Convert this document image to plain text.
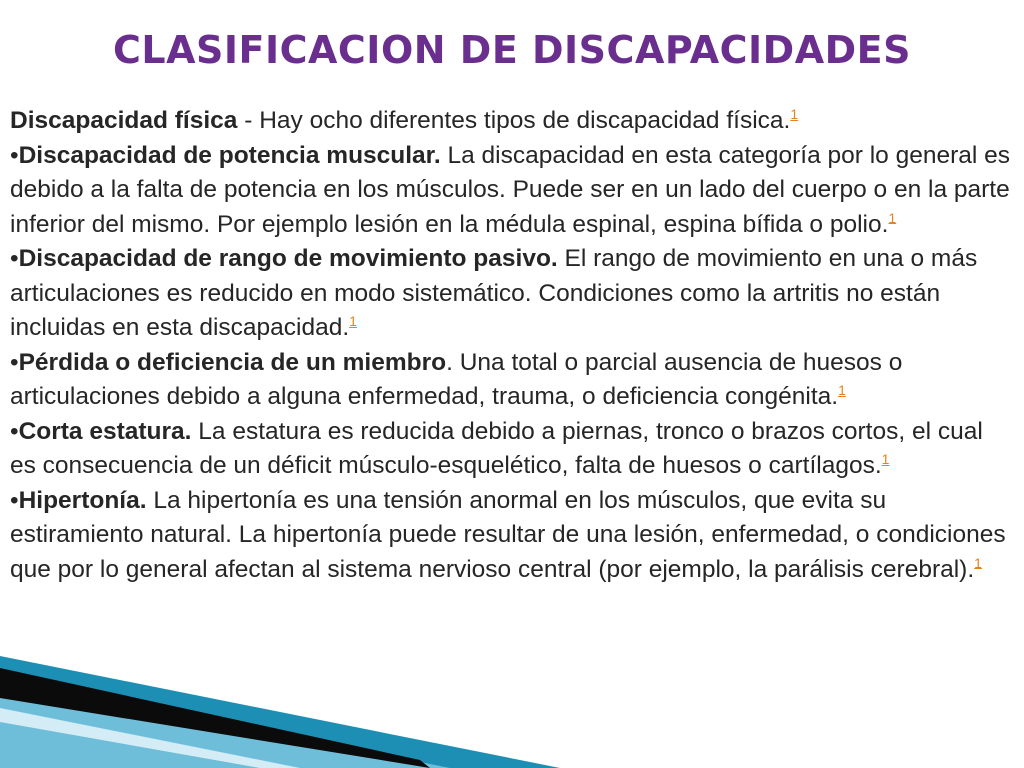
CLASIFICACION DE DISCAPACIDADES

Discapacidad física - Hay ocho diferentes tipos de discapacidad física.$^1$

•Discapacidad de potencia muscular. La discapacidad en esta categoría por lo general es debido a la falta de potencia en los músculos. Puede ser en un lado del cuerpo o en la parte inferior del mismo. Por ejemplo lesión en la médula espinal, espina bífida o polio.$^1$

•Discapacidad de rango de movimiento pasivo. El rango de movimiento en una o más articulaciones es reducido en modo sistemático. Condiciones como la artritis no están incluidas en esta discapacidad.$^1$

•Pérdida o deficiencia de un miembro. Una total o parcial ausencia de huesos o articulaciones debido a alguna enfermedad, trauma, o deficiencia congénita.$^1$

•Corta estatura. La estatura es reducida debido a piernas, tronco o brazos cortos, el cual es consecuencia de un déficit músculo-esquelético, falta de huesos o cartílagos.$^1$

•Hipertonía. La hipertonía es una tensión anormal en los músculos, que evita su estiramiento natural. La hipertonía puede resultar de una lesión, enfermedad, o condiciones que por lo general afectan al sistema nervioso central (por ejemplo, la parálisis cerebral).$^1$
